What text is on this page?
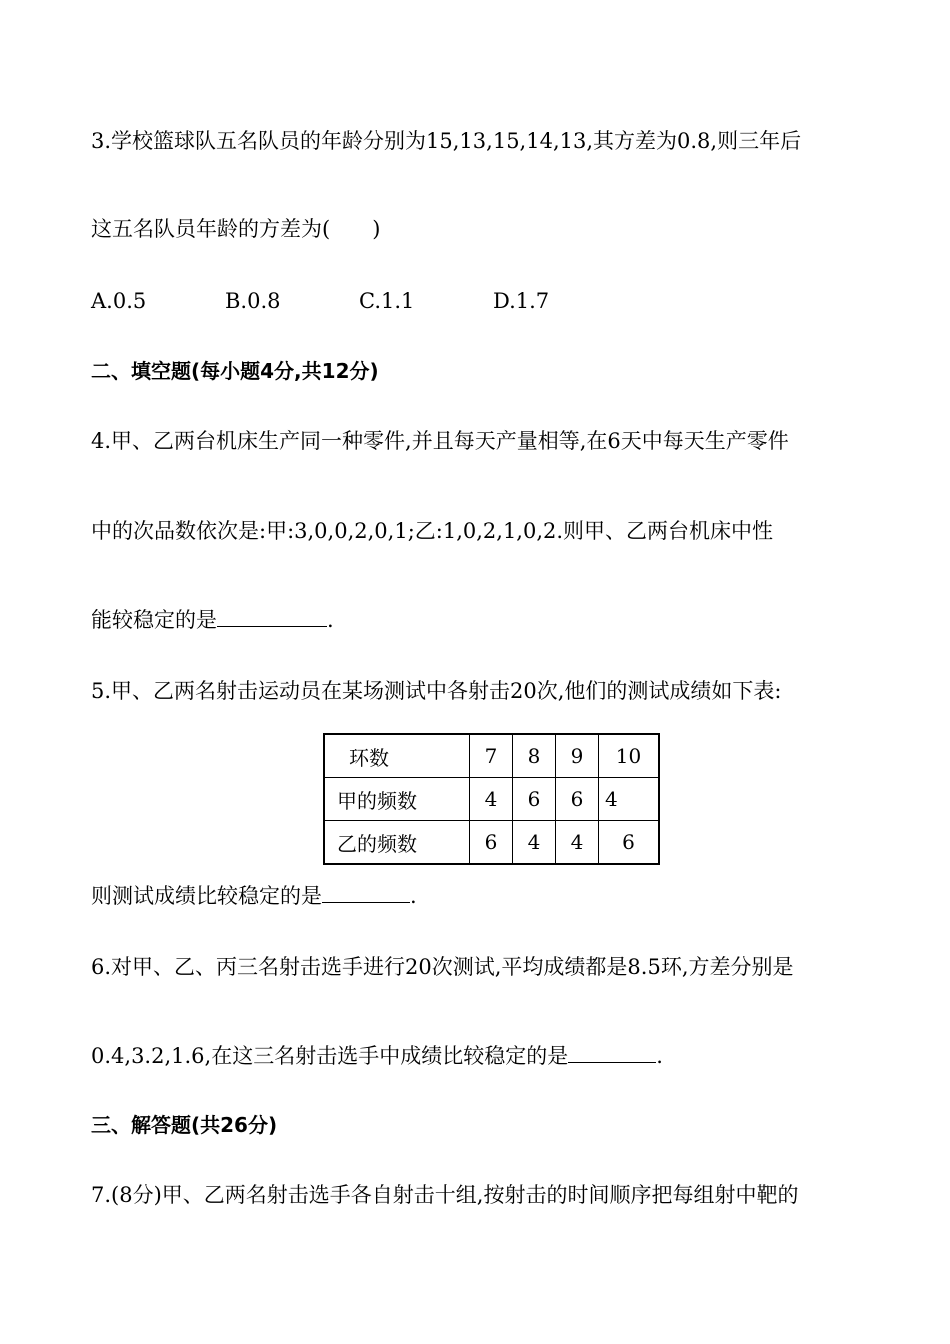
3.学校篮球队五名队员的年龄分别为15,13,15,14,13,其方差为0.8,则三年后
这五名队员年龄的方差为(　　)
A.0.5	B.0.8	C.1.1	D.1.7
二、填空题(每小题4分,共12分)
4.甲、乙两台机床生产同一种零件,并且每天产量相等,在6天中每天生产零件
中的次品数依次是:甲:3,0,0,2,0,1;乙:1,0,2,1,0,2.则甲、乙两台机床中性
能较稳定的是	.
5.甲、乙两名射击运动员在某场测试中各射击20次,他们的测试成绩如下表:
环数	7	8	9	10
甲的频数	4	6	6	4
乙的频数	6	4	4	6
则测试成绩比较稳定的是	.
6.对甲、乙、丙三名射击选手进行20次测试,平均成绩都是8.5环,方差分别是
0.4,3.2,1.6,在这三名射击选手中成绩比较稳定的是	.
三、解答题(共26分)
7.(8分)甲、乙两名射击选手各自射击十组,按射击的时间顺序把每组射中靶的
